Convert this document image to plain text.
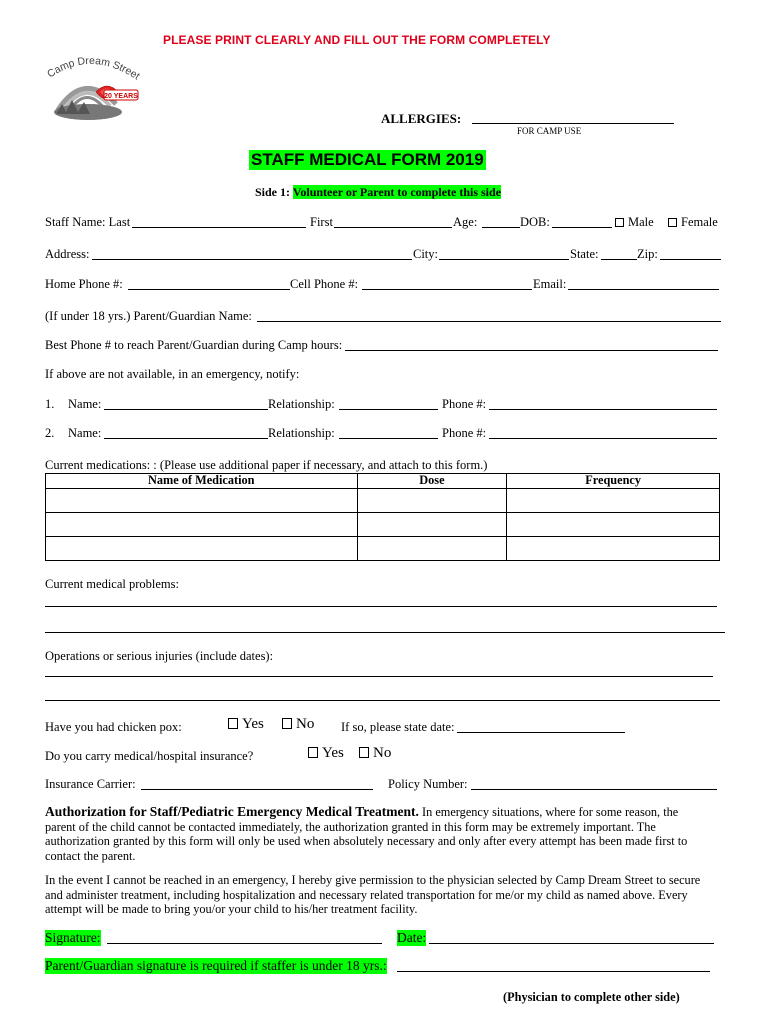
PLEASE PRINT CLEARLY AND FILL OUT THE FORM COMPLETELY
Camp Dream Street
20 YEARS
ALLERGIES:
FOR CAMP USE
STAFF MEDICAL FORM 2019
Side 1: Volunteer or Parent to complete this side
Staff Name: Last	First	Age:	DOB:	Male	Female
Address:	City:	State:	Zip:
Home Phone #:	Cell Phone #:	Email:
(If under 18 yrs.) Parent/Guardian Name:
Best Phone # to reach Parent/Guardian during Camp hours:
If above are not available, in an emergency, notify:
1. Name:	Relationship:	Phone #:
2. Name:	Relationship:	Phone #:
Current medications: : (Please use additional paper if necessary, and attach to this form.)
Name of Medication	Dose	Frequency

Current medical problems:
Operations or serious injuries (include dates):
Have you had chicken pox:	Yes	No If so, please state date:
Do you carry medical/hospital insurance?	Yes	No
Insurance Carrier:	Policy Number:
Authorization for Staff/Pediatric Emergency Medical Treatment. In emergency situations, where for some reason, the parent of the child cannot be contacted immediately, the authorization granted in this form may be extremely important. The authorization granted by this form will only be used when absolutely necessary and only after every attempt has been made first to contact the parent.
In the event I cannot be reached in an emergency, I hereby give permission to the physician selected by Camp Dream Street to secure and administer treatment, including hospitalization and necessary related transportation for me/or my child as named above. Every attempt will be made to bring you/or your child to his/her treatment facility.
Signature:	Date:
Parent/Guardian signature is required if staffer is under 18 yrs.:
(Physician to complete other side)
